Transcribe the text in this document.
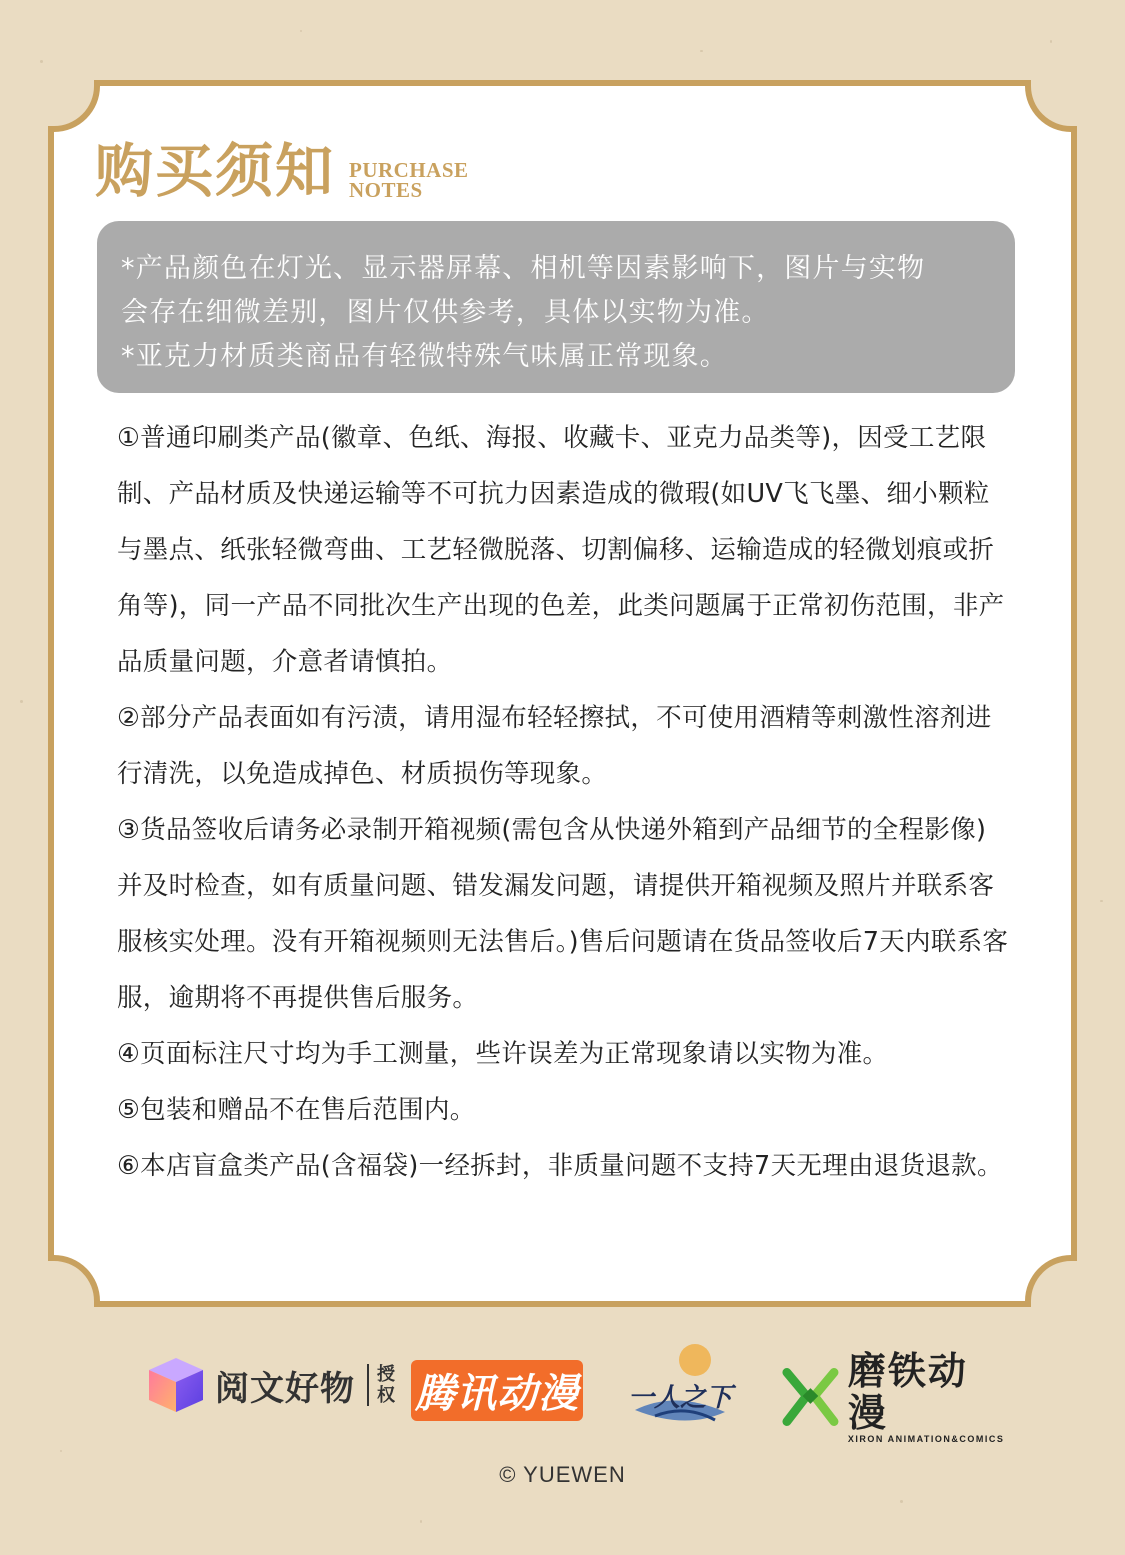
购买须知 PURCHASE
NOTES
*产品颜色在灯光、显示器屏幕、相机等因素影响下，图片与实物
会存在细微差别，图片仅供参考，具体以实物为准。
*亚克力材质类商品有轻微特殊气味属正常现象。

①普通印刷类产品(徽章、色纸、海报、收藏卡、亚克力品类等)，因受工艺限制、产品材质及快递运输等不可抗力因素造成的微瑕(如UV飞飞墨、细小颗粒与墨点、纸张轻微弯曲、工艺轻微脱落、切割偏移、运输造成的轻微划痕或折角等)，同一产品不同批次生产出现的色差，此类问题属于正常初伤范围，非产品质量问题，介意者请慎拍。

②部分产品表面如有污渍，请用湿布轻轻擦拭，不可使用酒精等刺激性溶剂进行清洗，以免造成掉色、材质损伤等现象。

③货品签收后请务必录制开箱视频(需包含从快递外箱到产品细节的全程影像)并及时检查，如有质量问题、错发漏发问题，请提供开箱视频及照片并联系客服核实处理。没有开箱视频则无法售后。)售后问题请在货品签收后7天内联系客服，逾期将不再提供售后服务。

④页面标注尺寸均为手工测量，些许误差为正常现象请以实物为准。

⑤包装和赠品不在售后范围内。

⑥本店盲盒类产品(含福袋)一经拆封，非质量问题不支持7天无理由退货退款。

阅文好物 授权 腾讯动漫 一人之下
磨铁动漫
XIRON ANIMATION&COMICS
© YUEWEN
